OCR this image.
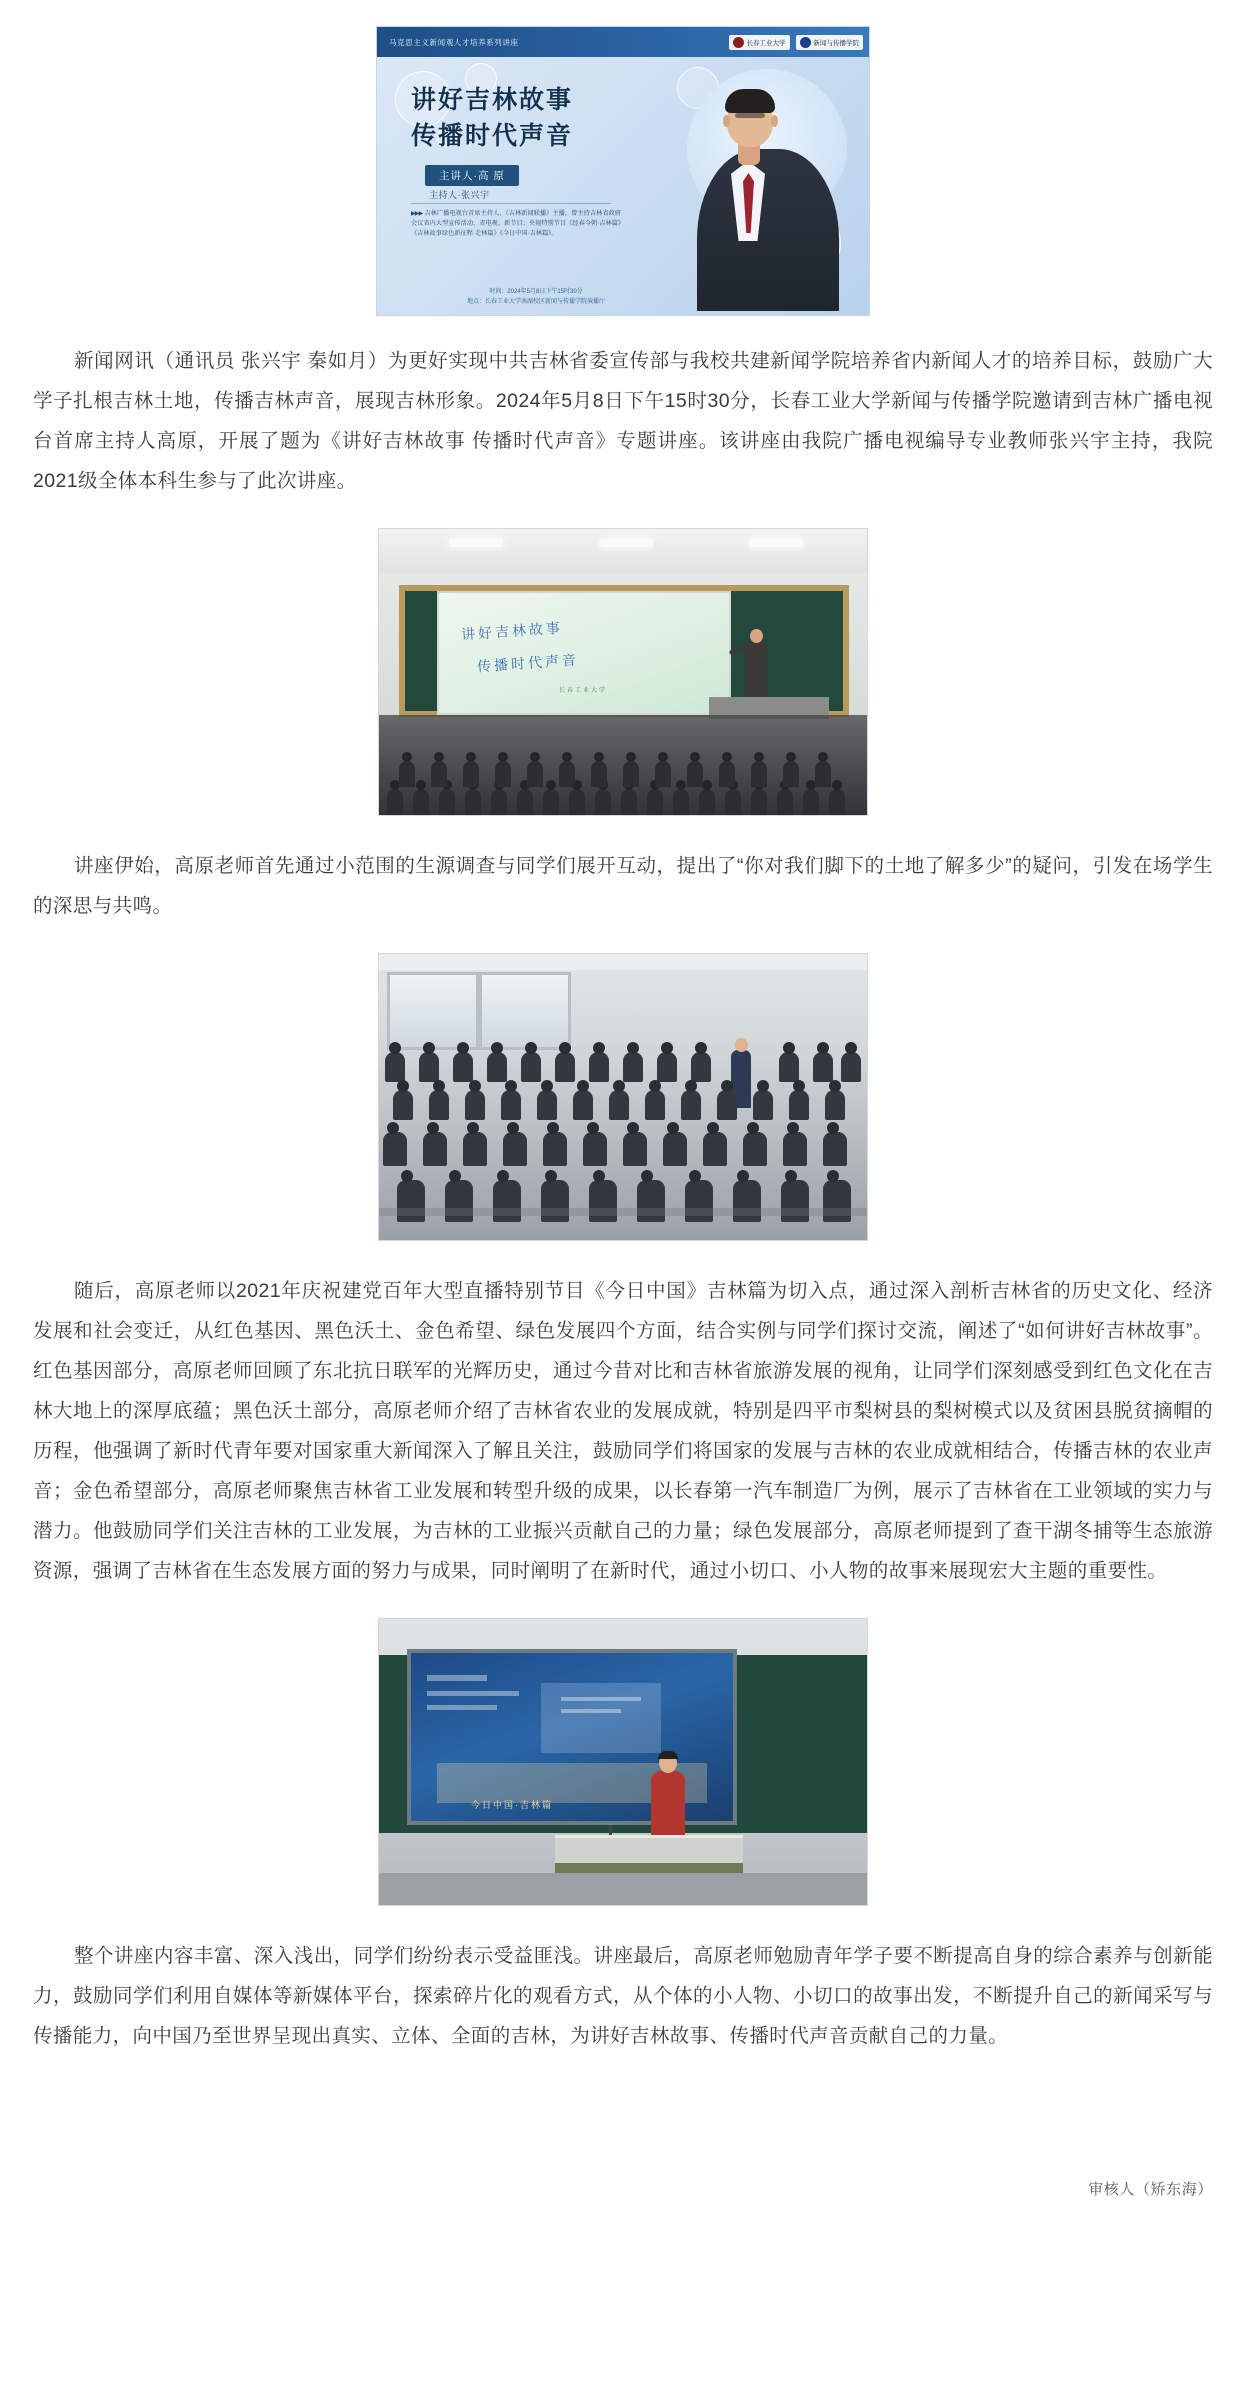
马克思主义新闻观人才培养系列讲座	长春工业大学	新闻与传播学院
讲好吉林故事
传播时代声音
主讲人·高 原
主持人·张兴宇
▶▶▶ 吉林广播电视台首席主持人、《吉林新闻联播》主播，曾主持吉林省政府会议省内大型宣传活动、省电视、新节目；央视特别节目《经春今朝·吉林篇》《吉林故事绿色新征程·走林篇》《今日中国·吉林篇》。
时间：2024年5月8日下午15时30分
地点：长春工业大学南湖校区新闻与传播学院演播厅

新闻网讯（通讯员 张兴宇 秦如月）为更好实现中共吉林省委宣传部与我校共建新闻学院培养省内新闻人才的培养目标，鼓励广大学子扎根吉林土地，传播吉林声音，展现吉林形象。2024年5月8日下午15时30分，长春工业大学新闻与传播学院邀请到吉林广播电视台首席主持人高原，开展了题为《讲好吉林故事 传播时代声音》专题讲座。该讲座由我院广播电视编导专业教师张兴宇主持，我院2021级全体本科生参与了此次讲座。

讲好吉林故事
传播时代声音
长春工业大学

讲座伊始，高原老师首先通过小范围的生源调查与同学们展开互动，提出了“你对我们脚下的土地了解多少”的疑问，引发在场学生的深思与共鸣。

随后，高原老师以2021年庆祝建党百年大型直播特别节目《今日中国》吉林篇为切入点，通过深入剖析吉林省的历史文化、经济发展和社会变迁，从红色基因、黑色沃土、金色希望、绿色发展四个方面，结合实例与同学们探讨交流，阐述了“如何讲好吉林故事”。红色基因部分，高原老师回顾了东北抗日联军的光辉历史，通过今昔对比和吉林省旅游发展的视角，让同学们深刻感受到红色文化在吉林大地上的深厚底蕴；黑色沃土部分，高原老师介绍了吉林省农业的发展成就，特别是四平市梨树县的梨树模式以及贫困县脱贫摘帽的历程，他强调了新时代青年要对国家重大新闻深入了解且关注，鼓励同学们将国家的发展与吉林的农业成就相结合，传播吉林的农业声音；金色希望部分，高原老师聚焦吉林省工业发展和转型升级的成果，以长春第一汽车制造厂为例，展示了吉林省在工业领域的实力与潜力。他鼓励同学们关注吉林的工业发展，为吉林的工业振兴贡献自己的力量；绿色发展部分，高原老师提到了查干湖冬捕等生态旅游资源，强调了吉林省在生态发展方面的努力与成果，同时阐明了在新时代，通过小切口、小人物的故事来展现宏大主题的重要性。

今日中国·吉林篇

整个讲座内容丰富、深入浅出，同学们纷纷表示受益匪浅。讲座最后，高原老师勉励青年学子要不断提高自身的综合素养与创新能力，鼓励同学们利用自媒体等新媒体平台，探索碎片化的观看方式，从个体的小人物、小切口的故事出发，不断提升自己的新闻采写与传播能力，向中国乃至世界呈现出真实、立体、全面的吉林，为讲好吉林故事、传播时代声音贡献自己的力量。

审核人（矫东海）
